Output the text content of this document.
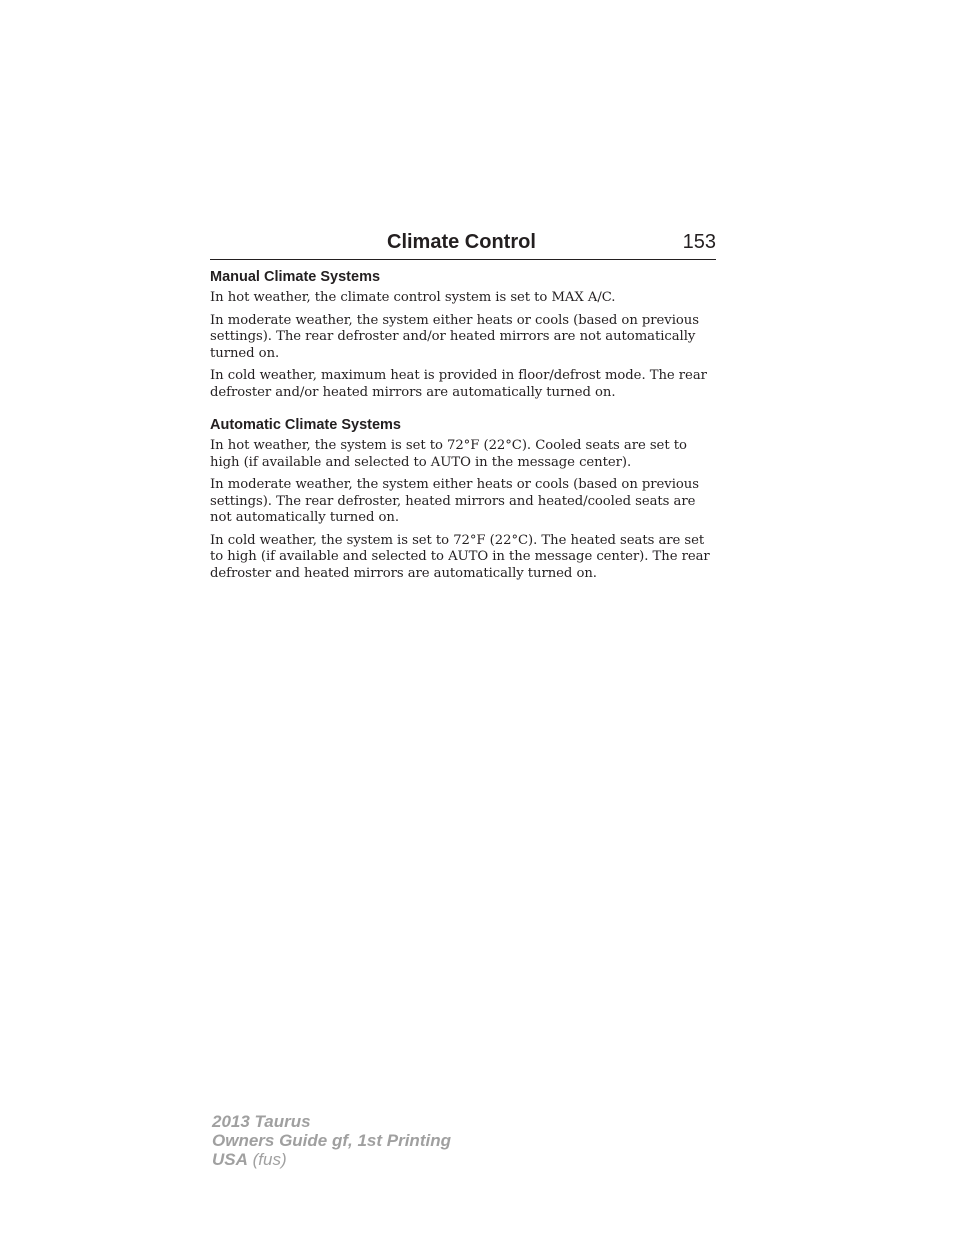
Climate Control	153
Manual Climate Systems

In hot weather, the climate control system is set to MAX A/C.

In moderate weather, the system either heats or cools (based on previous settings). The rear defroster and/or heated mirrors are not automatically turned on.

In cold weather, maximum heat is provided in floor/defrost mode. The rear defroster and/or heated mirrors are automatically turned on.

Automatic Climate Systems

In hot weather, the system is set to 72°F (22°C). Cooled seats are set to high (if available and selected to AUTO in the message center).

In moderate weather, the system either heats or cools (based on previous settings). The rear defroster, heated mirrors and heated/cooled seats are not automatically turned on.

In cold weather, the system is set to 72°F (22°C). The heated seats are set to high (if available and selected to AUTO in the message center). The rear defroster and heated mirrors are automatically turned on.

2013 Taurus
Owners Guide gf, 1st Printing
USA (fus)
